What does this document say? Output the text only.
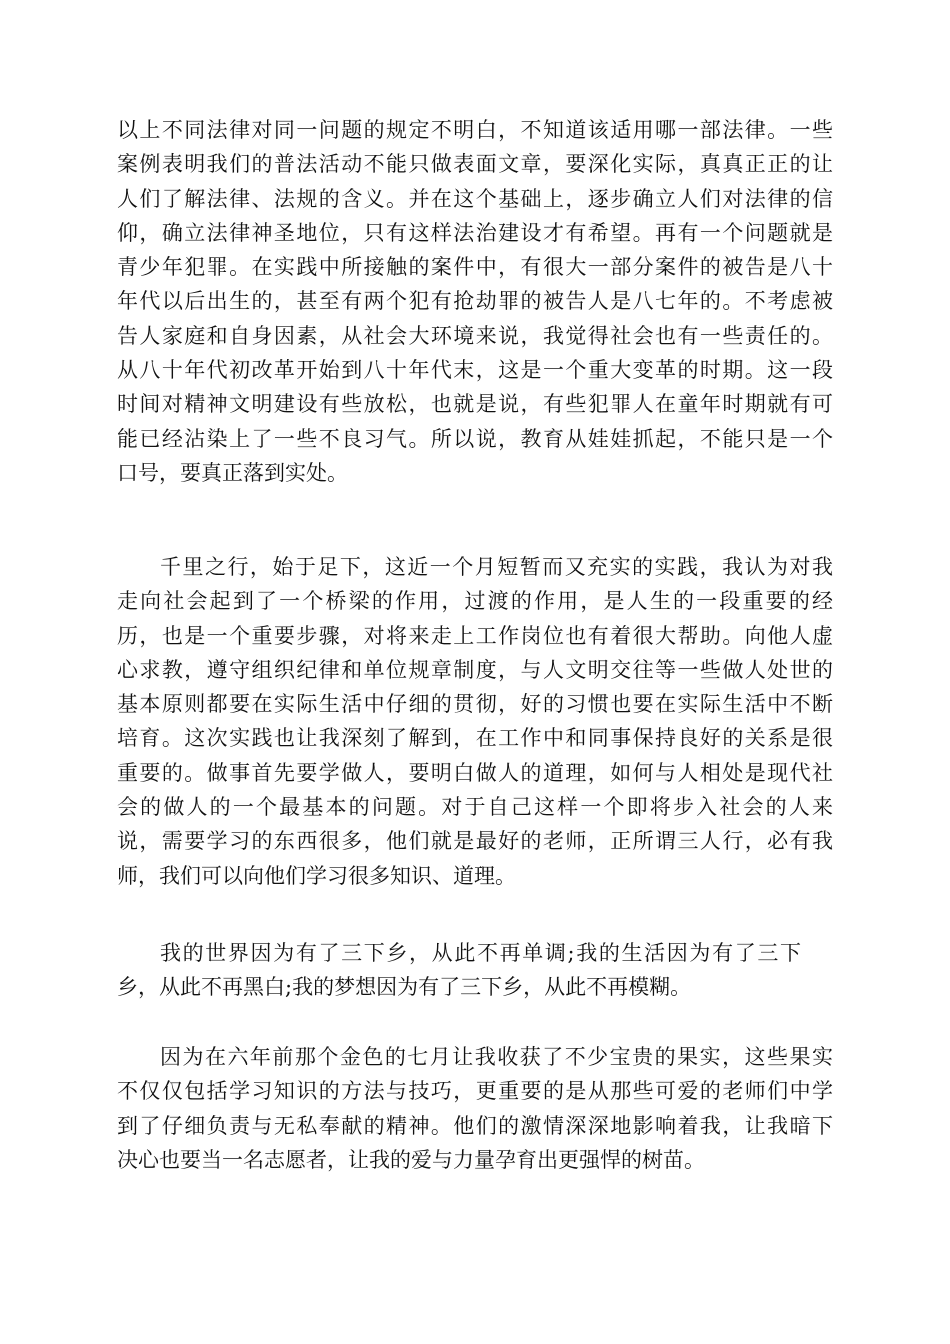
以上不同法律对同一问题的规定不明白，不知道该适用哪一部法律。一些
案例表明我们的普法活动不能只做表面文章，要深化实际，真真正正的让
人们了解法律、法规的含义。并在这个基础上，逐步确立人们对法律的信
仰，确立法律神圣地位，只有这样法治建设才有希望。再有一个问题就是
青少年犯罪。在实践中所接触的案件中，有很大一部分案件的被告是八十
年代以后出生的，甚至有两个犯有抢劫罪的被告人是八七年的。不考虑被
告人家庭和自身因素，从社会大环境来说，我觉得社会也有一些责任的。
从八十年代初改革开始到八十年代末，这是一个重大变革的时期。这一段
时间对精神文明建设有些放松，也就是说，有些犯罪人在童年时期就有可
能已经沾染上了一些不良习气。所以说，教育从娃娃抓起，不能只是一个
口号，要真正落到实处。
千里之行，始于足下，这近一个月短暂而又充实的实践，我认为对我
走向社会起到了一个桥梁的作用，过渡的作用，是人生的一段重要的经
历，也是一个重要步骤，对将来走上工作岗位也有着很大帮助。向他人虚
心求教，遵守组织纪律和单位规章制度，与人文明交往等一些做人处世的
基本原则都要在实际生活中仔细的贯彻，好的习惯也要在实际生活中不断
培育。这次实践也让我深刻了解到，在工作中和同事保持良好的关系是很
重要的。做事首先要学做人，要明白做人的道理，如何与人相处是现代社
会的做人的一个最基本的问题。对于自己这样一个即将步入社会的人来
说，需要学习的东西很多，他们就是最好的老师，正所谓三人行，必有我
师，我们可以向他们学习很多知识、道理。
我的世界因为有了三下乡，从此不再单调;我的生活因为有了三下
乡，从此不再黑白;我的梦想因为有了三下乡，从此不再模糊。
因为在六年前那个金色的七月让我收获了不少宝贵的果实，这些果实
不仅仅包括学习知识的方法与技巧，更重要的是从那些可爱的老师们中学
到了仔细负责与无私奉献的精神。他们的激情深深地影响着我，让我暗下
决心也要当一名志愿者，让我的爱与力量孕育出更强悍的树苗。
